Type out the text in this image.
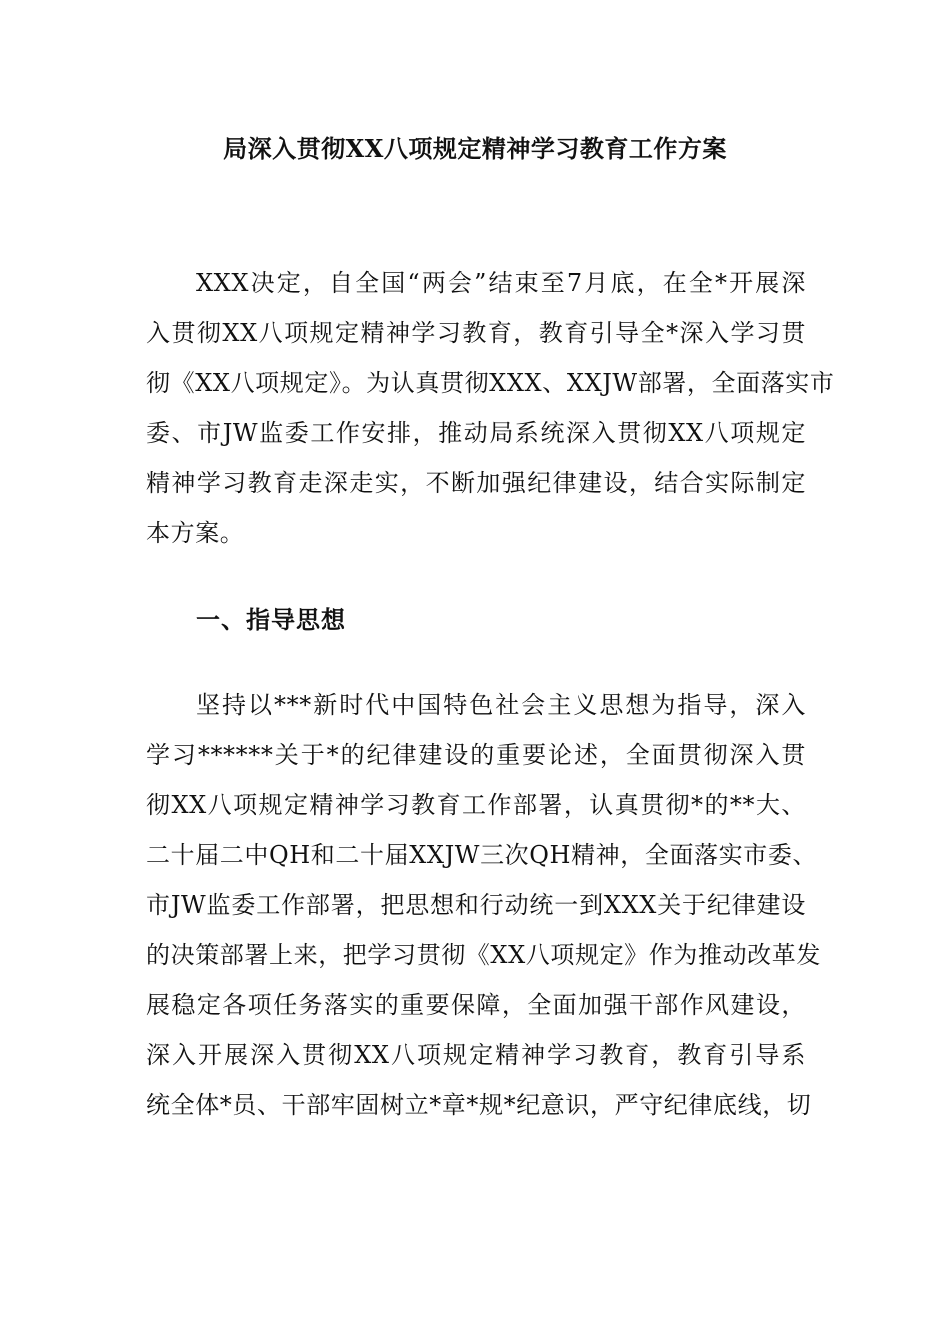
局深入贯彻XX八项规定精神学习教育工作方案
XXX决定，自全国“两会”结束至7月底，在全*开展深
入贯彻XX八项规定精神学习教育，教育引导全*深入学习贯
彻《XX八项规定》。为认真贯彻XXX、XXJW部署，全面落实市
委、市JW监委工作安排，推动局系统深入贯彻XX八项规定
精神学习教育走深走实，不断加强纪律建设，结合实际制定
本方案。
一、指导思想
坚持以***新时代中国特色社会主义思想为指导，深入
学习******关于*的纪律建设的重要论述，全面贯彻深入贯
彻XX八项规定精神学习教育工作部署，认真贯彻*的**大、
二十届二中QH和二十届XXJW三次QH精神，全面落实市委、
市JW监委工作部署，把思想和行动统一到XXX关于纪律建设
的决策部署上来，把学习贯彻《XX八项规定》作为推动改革发
展稳定各项任务落实的重要保障，全面加强干部作风建设，
深入开展深入贯彻XX八项规定精神学习教育，教育引导系
统全体*员、干部牢固树立*章*规*纪意识，严守纪律底线，切
